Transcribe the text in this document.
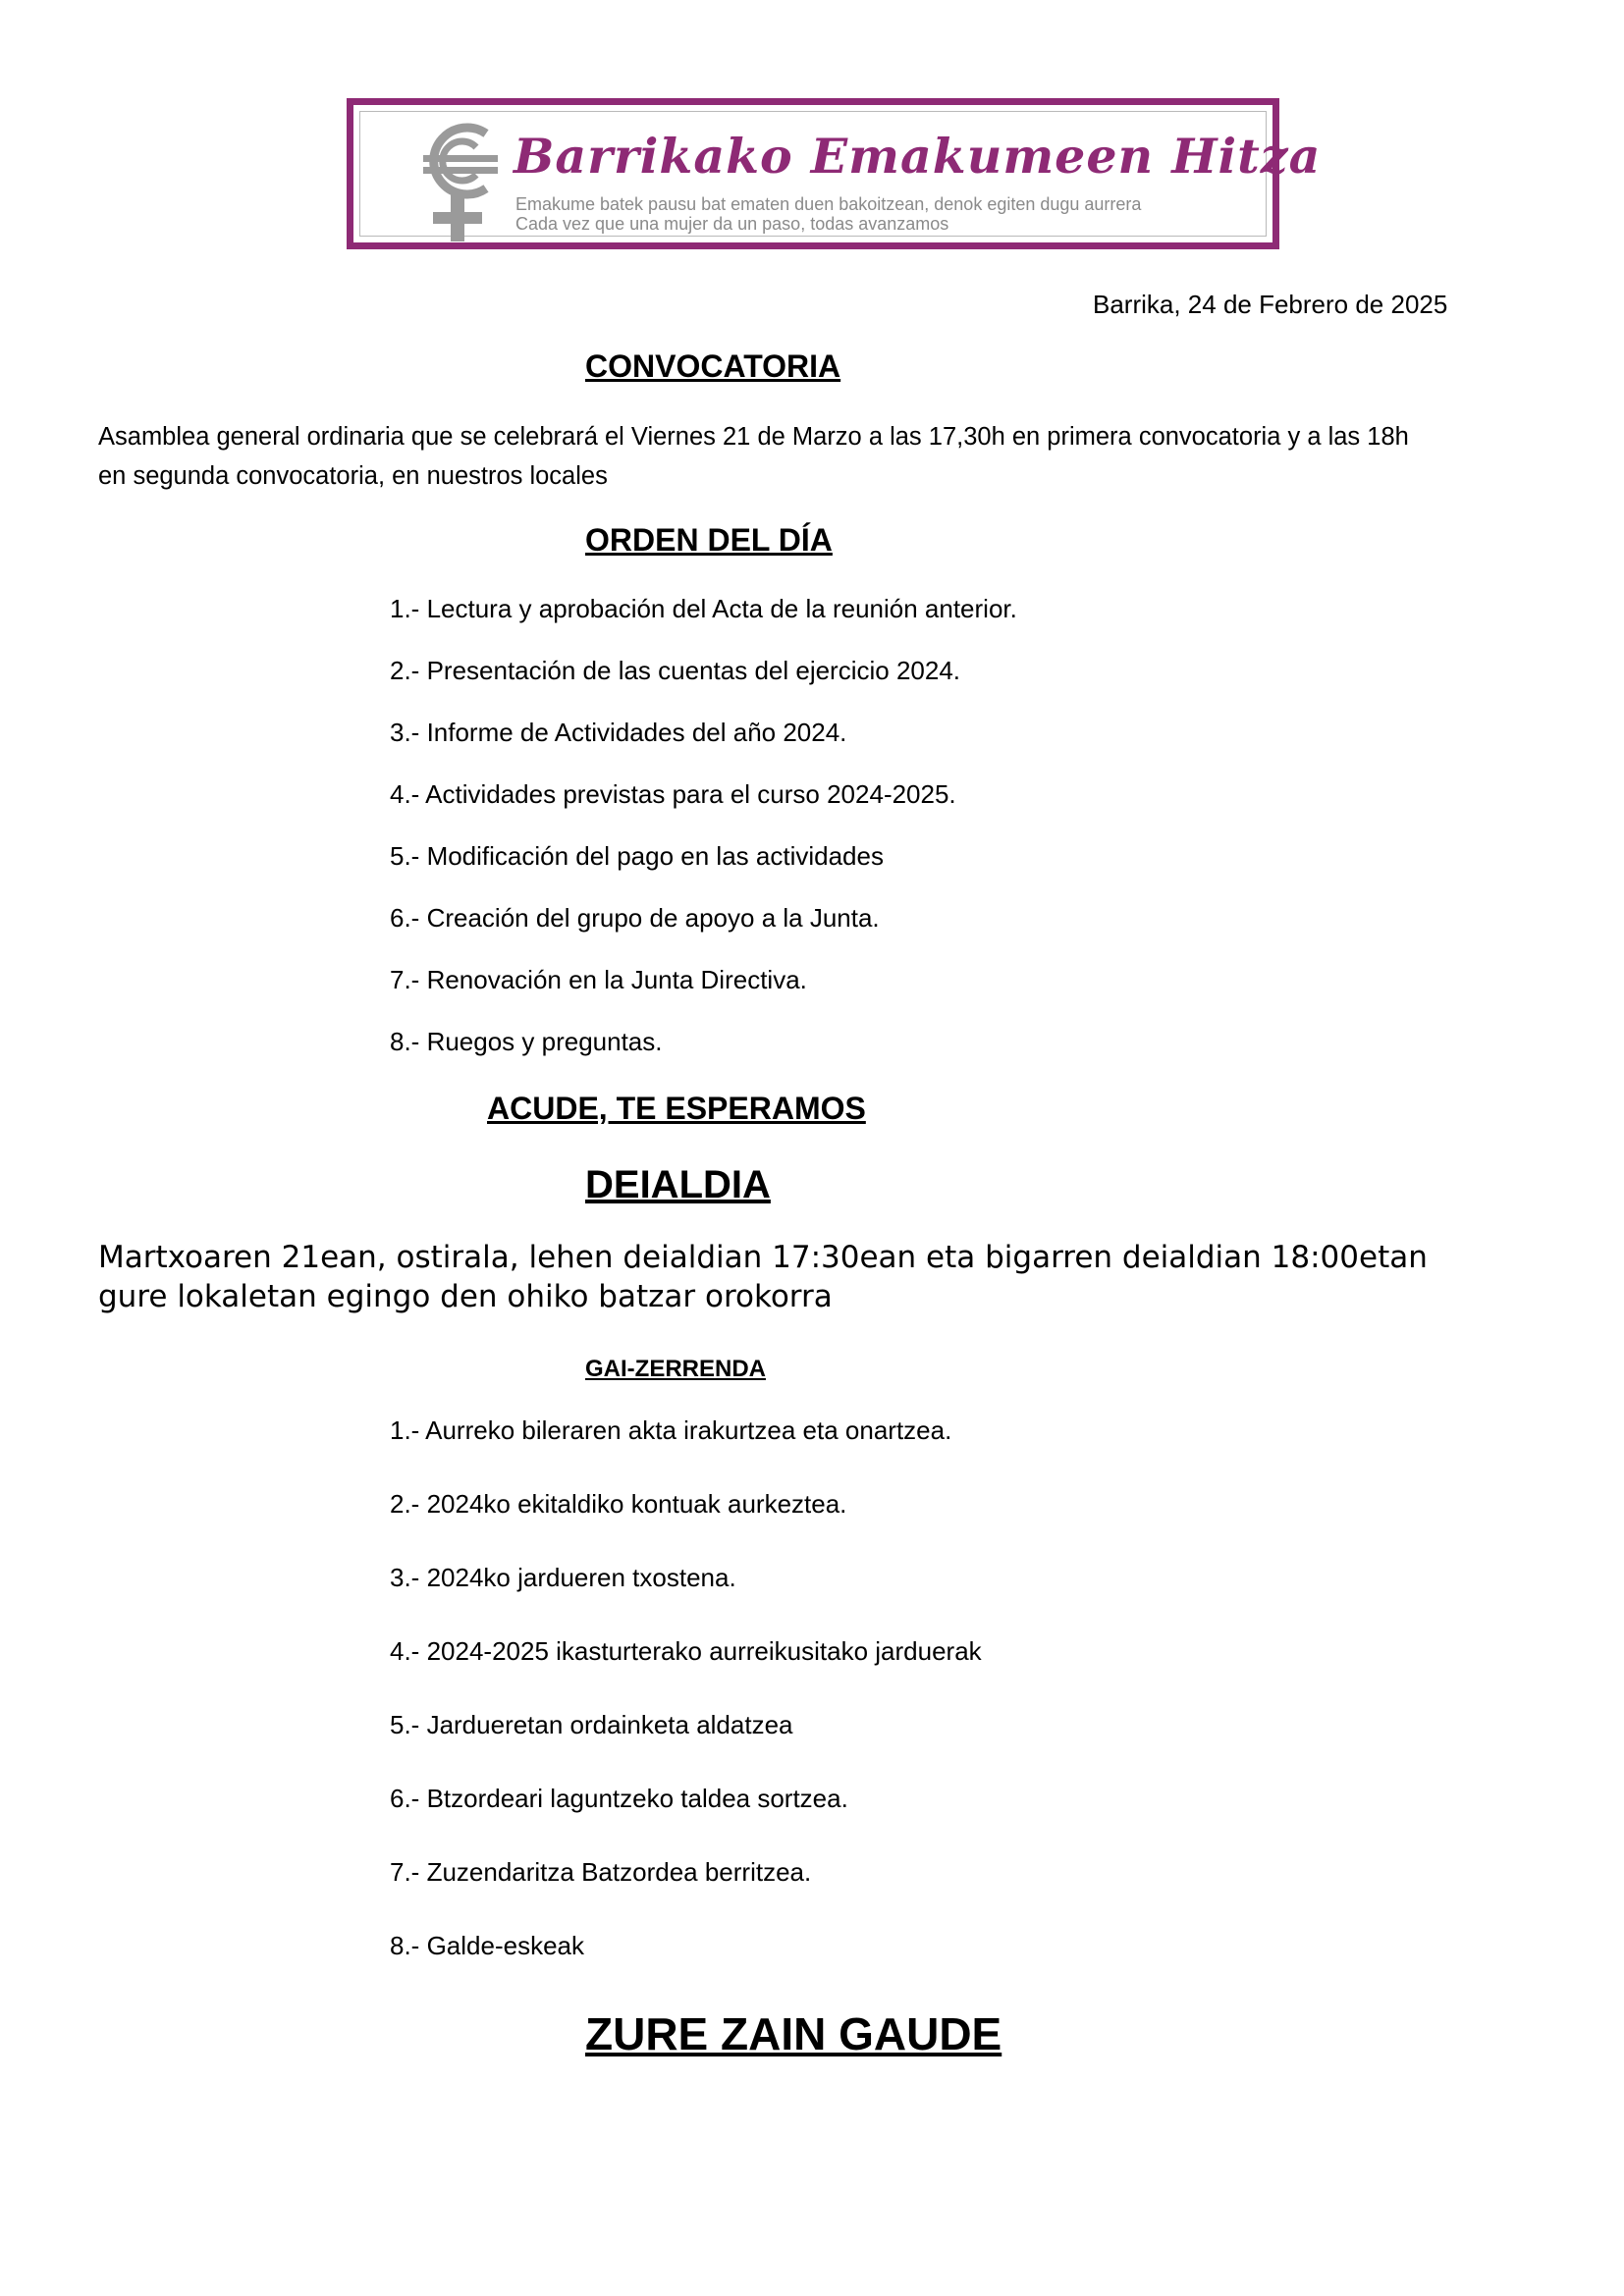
Barrikako Emakumeen Hitza
Emakume batek pausu bat ematen duen bakoitzean, denok egiten dugu aurrera
Cada vez que una mujer da un paso, todas avanzamos
Barrika, 24 de Febrero de 2025
CONVOCATORIA
Asamblea general ordinaria que se celebrará el Viernes 21 de Marzo a las 17,30h en primera convocatoria y a las 18h
en segunda convocatoria, en nuestros locales
ORDEN DEL DÍA
1.- Lectura y aprobación del Acta de la reunión anterior.
2.- Presentación de las cuentas del ejercicio 2024.
3.- Informe de Actividades del año 2024.
4.- Actividades previstas para el curso 2024-2025.
5.- Modificación del pago en las actividades
6.- Creación del grupo de apoyo a la Junta.
7.- Renovación en la Junta Directiva.
8.- Ruegos y preguntas.
ACUDE, TE ESPERAMOS
DEIALDIA
Martxoaren 21ean, ostirala, lehen deialdian 17:30ean eta bigarren deialdian 18:00etan
gure lokaletan egingo den ohiko batzar orokorra
GAI-ZERRENDA
1.- Aurreko bileraren akta irakurtzea eta onartzea.
2.- 2024ko ekitaldiko kontuak aurkeztea.
3.- 2024ko jardueren txostena.
4.- 2024-2025 ikasturterako aurreikusitako jarduerak
5.- Jardueretan ordainketa aldatzea
6.- Btzordeari laguntzeko taldea sortzea.
7.- Zuzendaritza Batzordea berritzea.
8.- Galde-eskeak
ZURE ZAIN GAUDE
